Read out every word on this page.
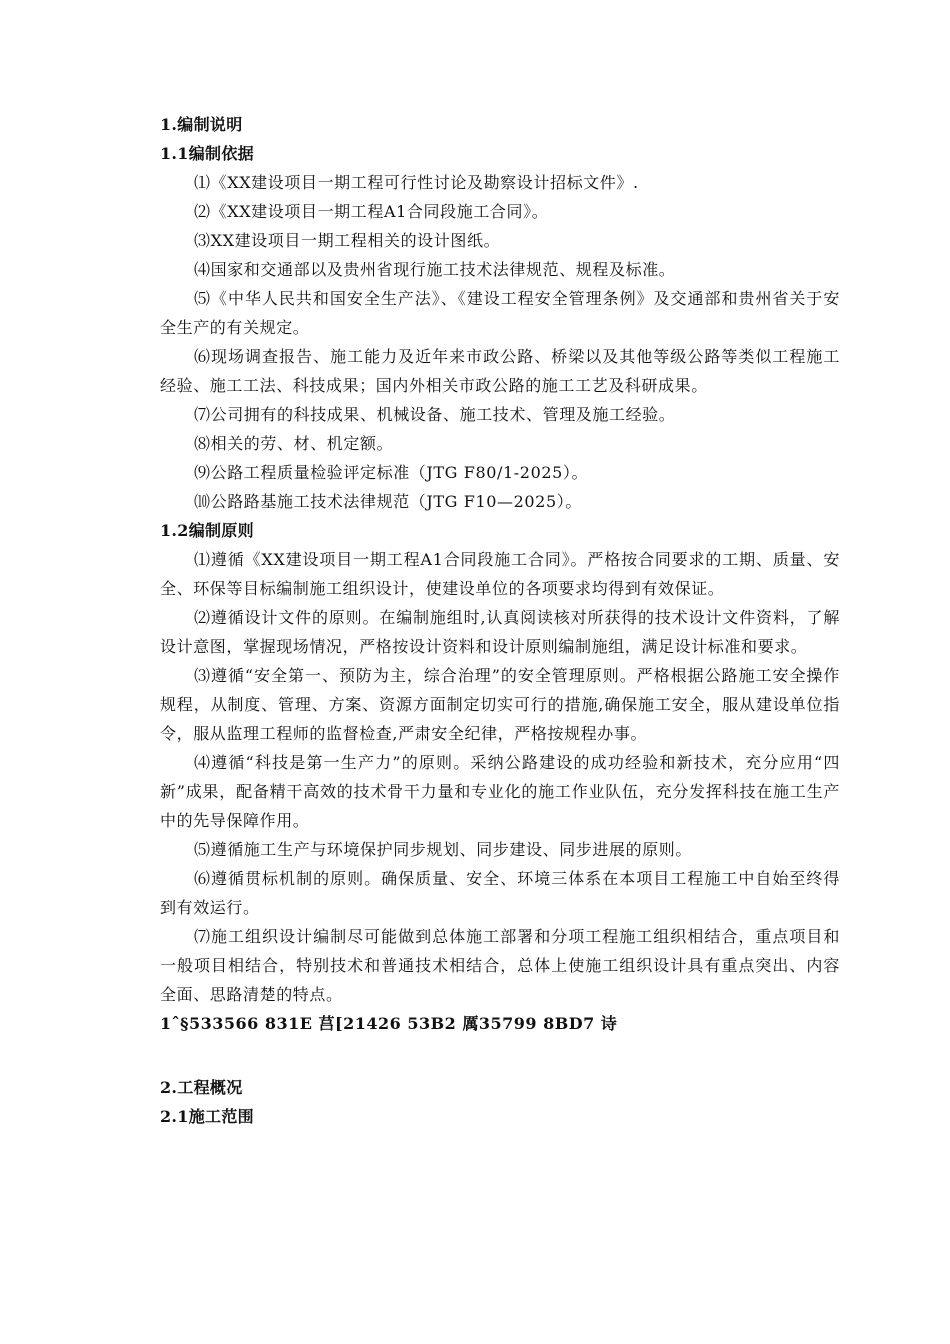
1.编制说明
1.1编制依据
⑴《XX建设项目一期工程可行性讨论及勘察设计招标文件》.
⑵《XX建设项目一期工程A1合同段施工合同》。
⑶XX建设项目一期工程相关的设计图纸。
⑷国家和交通部以及贵州省现行施工技术法律规范、规程及标准。
⑸《中华人民共和国安全生产法》、《建设工程安全管理条例》及交通部和贵州省关于安全生产的有关规定。
⑹现场调查报告、施工能力及近年来市政公路、桥梁以及其他等级公路等类似工程施工经验、施工工法、科技成果；国内外相关市政公路的施工工艺及科研成果。
⑺公司拥有的科技成果、机械设备、施工技术、管理及施工经验。
⑻相关的劳、材、机定额。
⑼公路工程质量检验评定标准（JTG F80/1-2025）。
⑽公路路基施工技术法律规范（JTG F10—2025）。
1.2编制原则
⑴遵循《XX建设项目一期工程A1合同段施工合同》。严格按合同要求的工期、质量、安全、环保等目标编制施工组织设计，使建设单位的各项要求均得到有效保证。
⑵遵循设计文件的原则。在编制施组时,认真阅读核对所获得的技术设计文件资料，了解设计意图，掌握现场情况，严格按设计资料和设计原则编制施组，满足设计标准和要求。
⑶遵循“安全第一、预防为主，综合治理”的安全管理原则。严格根据公路施工安全操作规程，从制度、管理、方案、资源方面制定切实可行的措施,确保施工安全，服从建设单位指令，服从监理工程师的监督检查,严肃安全纪律，严格按规程办事。
⑷遵循“科技是第一生产力”的原则。采纳公路建设的成功经验和新技术，充分应用“四新”成果，配备精干高效的技术骨干力量和专业化的施工作业队伍，充分发挥科技在施工生产中的先导保障作用。
⑸遵循施工生产与环境保护同步规划、同步建设、同步进展的原则。
⑹遵循贯标机制的原则。确保质量、安全、环境三体系在本项目工程施工中自始至终得到有效运行。
⑺施工组织设计编制尽可能做到总体施工部署和分项工程施工组织相结合，重点项目和一般项目相结合，特别技术和普通技术相结合，总体上使施工组织设计具有重点突出、内容全面、思路清楚的特点。
1ˆ§533566 831E 莒[21426 53B2 厲35799 8BD7 诗
2.工程概况
2.1施工范围
